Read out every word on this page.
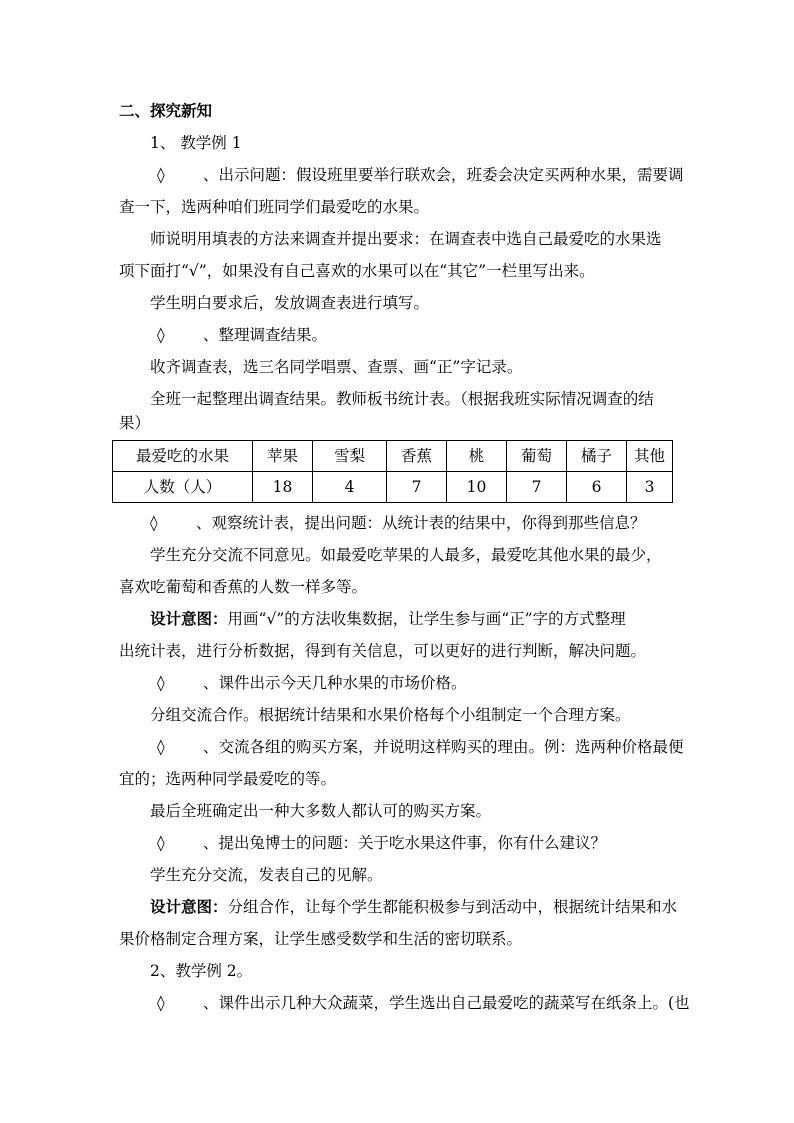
二、探究新知
1、 教学例 1
◊ 、出示问题：假设班里要举行联欢会，班委会决定买两种水果，需要调
查一下，选两种咱们班同学们最爱吃的水果。
师说明用填表的方法来调查并提出要求：在调查表中选自己最爱吃的水果选
项下面打“√”，如果没有自己喜欢的水果可以在“其它”一栏里写出来。
学生明白要求后，发放调查表进行填写。
◊ 、整理调查结果。
收齐调查表，选三名同学唱票、查票、画“正”字记录。
全班一起整理出调查结果。教师板书统计表。（根据我班实际情况调查的结
果）
最爱吃的水果	苹果	雪梨	香蕉	桃	葡萄	橘子	其他
人数（人）	18	4	7	10	7	6	3
◊ 、观察统计表，提出问题：从统计表的结果中，你得到那些信息？
学生充分交流不同意见。如最爱吃苹果的人最多，最爱吃其他水果的最少，
喜欢吃葡萄和香蕉的人数一样多等。
设计意图：用画“√”的方法收集数据，让学生参与画“正”字的方式整理
出统计表，进行分析数据，得到有关信息，可以更好的进行判断，解决问题。
◊ 、课件出示今天几种水果的市场价格。
分组交流合作。根据统计结果和水果价格每个小组制定一个合理方案。
◊ 、交流各组的购买方案，并说明这样购买的理由。例：选两种价格最便
宜的；选两种同学最爱吃的等。
最后全班确定出一种大多数人都认可的购买方案。
◊ 、提出兔博士的问题：关于吃水果这件事，你有什么建议？
学生充分交流，发表自己的见解。
设计意图：分组合作，让每个学生都能积极参与到活动中，根据统计结果和水
果价格制定合理方案，让学生感受数学和生活的密切联系。
2、教学例 2。
◊ 、课件出示几种大众蔬菜，学生选出自己最爱吃的蔬菜写在纸条上。(也
